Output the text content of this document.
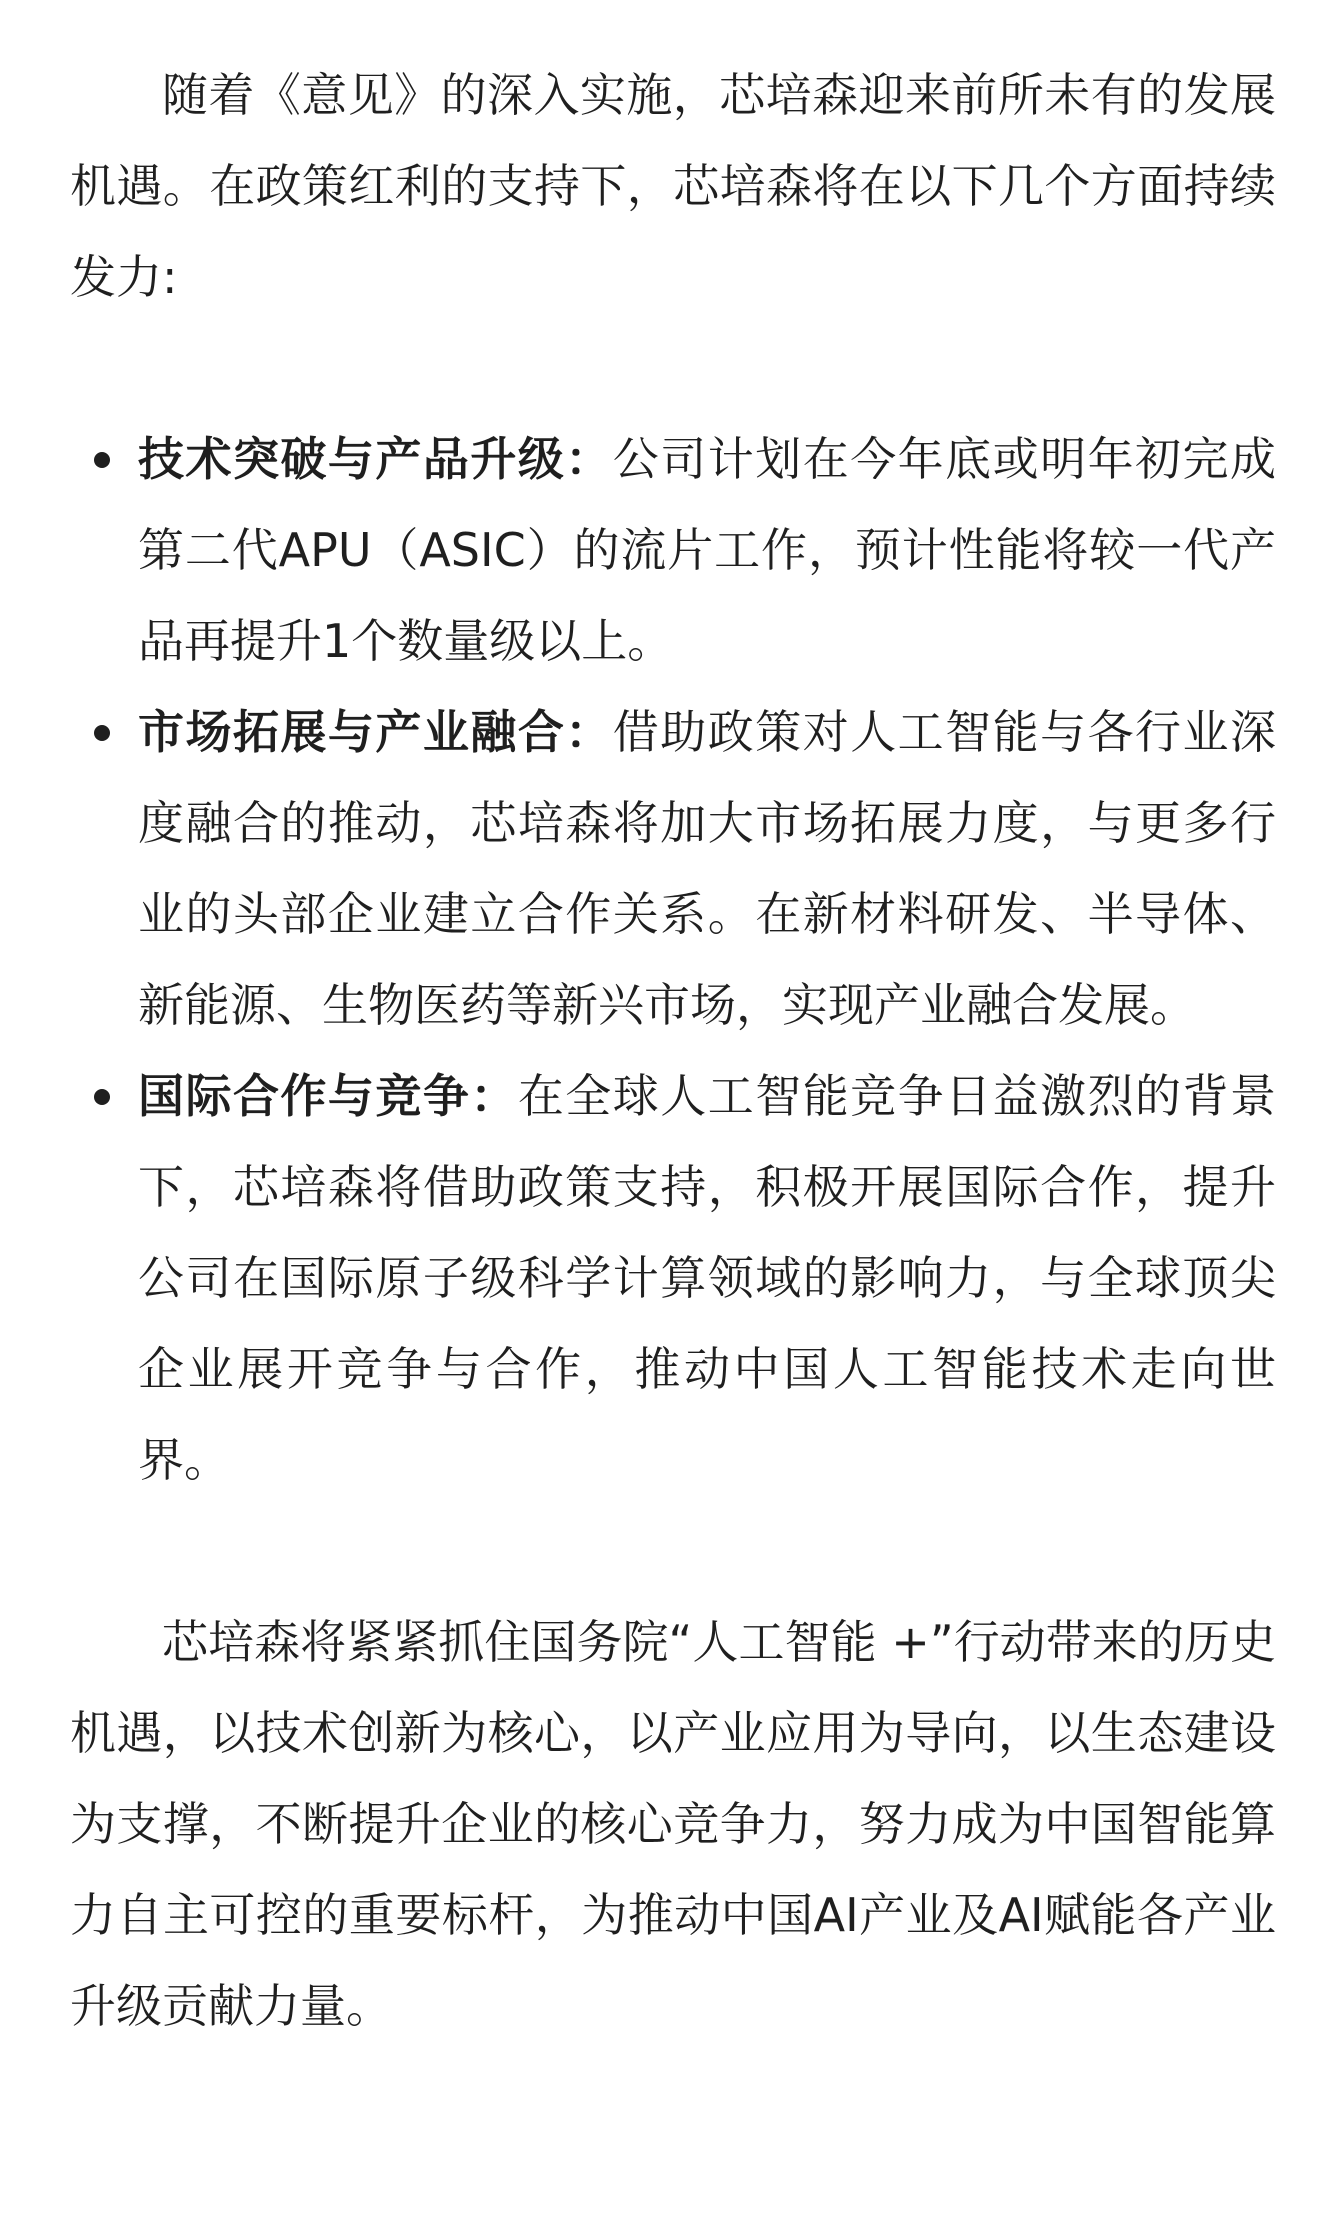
随着《意见》的深入实施，芯培森迎来前所未有的发展机遇。在政策红利的支持下，芯培森将在以下几个方面持续发力:

技术突破与产品升级：公司计划在今年底或明年初完成第二代APU（ASIC）的流片工作，预计性能将较一代产品再提升1个数量级以上。
市场拓展与产业融合：借助政策对人工智能与各行业深度融合的推动，芯培森将加大市场拓展力度，与更多行业的头部企业建立合作关系。在新材料研发、半导体、新能源、生物医药等新兴市场，实现产业融合发展。
国际合作与竞争：在全球人工智能竞争日益激烈的背景下，芯培森将借助政策支持，积极开展国际合作，提升公司在国际原子级科学计算领域的影响力，与全球顶尖企业展开竞争与合作，推动中国人工智能技术走向世界。

芯培森将紧紧抓住国务院“人工智能 +”行动带来的历史机遇，以技术创新为核心，以产业应用为导向，以生态建设为支撑，不断提升企业的核心竞争力，努力成为中国智能算力自主可控的重要标杆，为推动中国AI产业及AI赋能各产业升级贡献力量。
